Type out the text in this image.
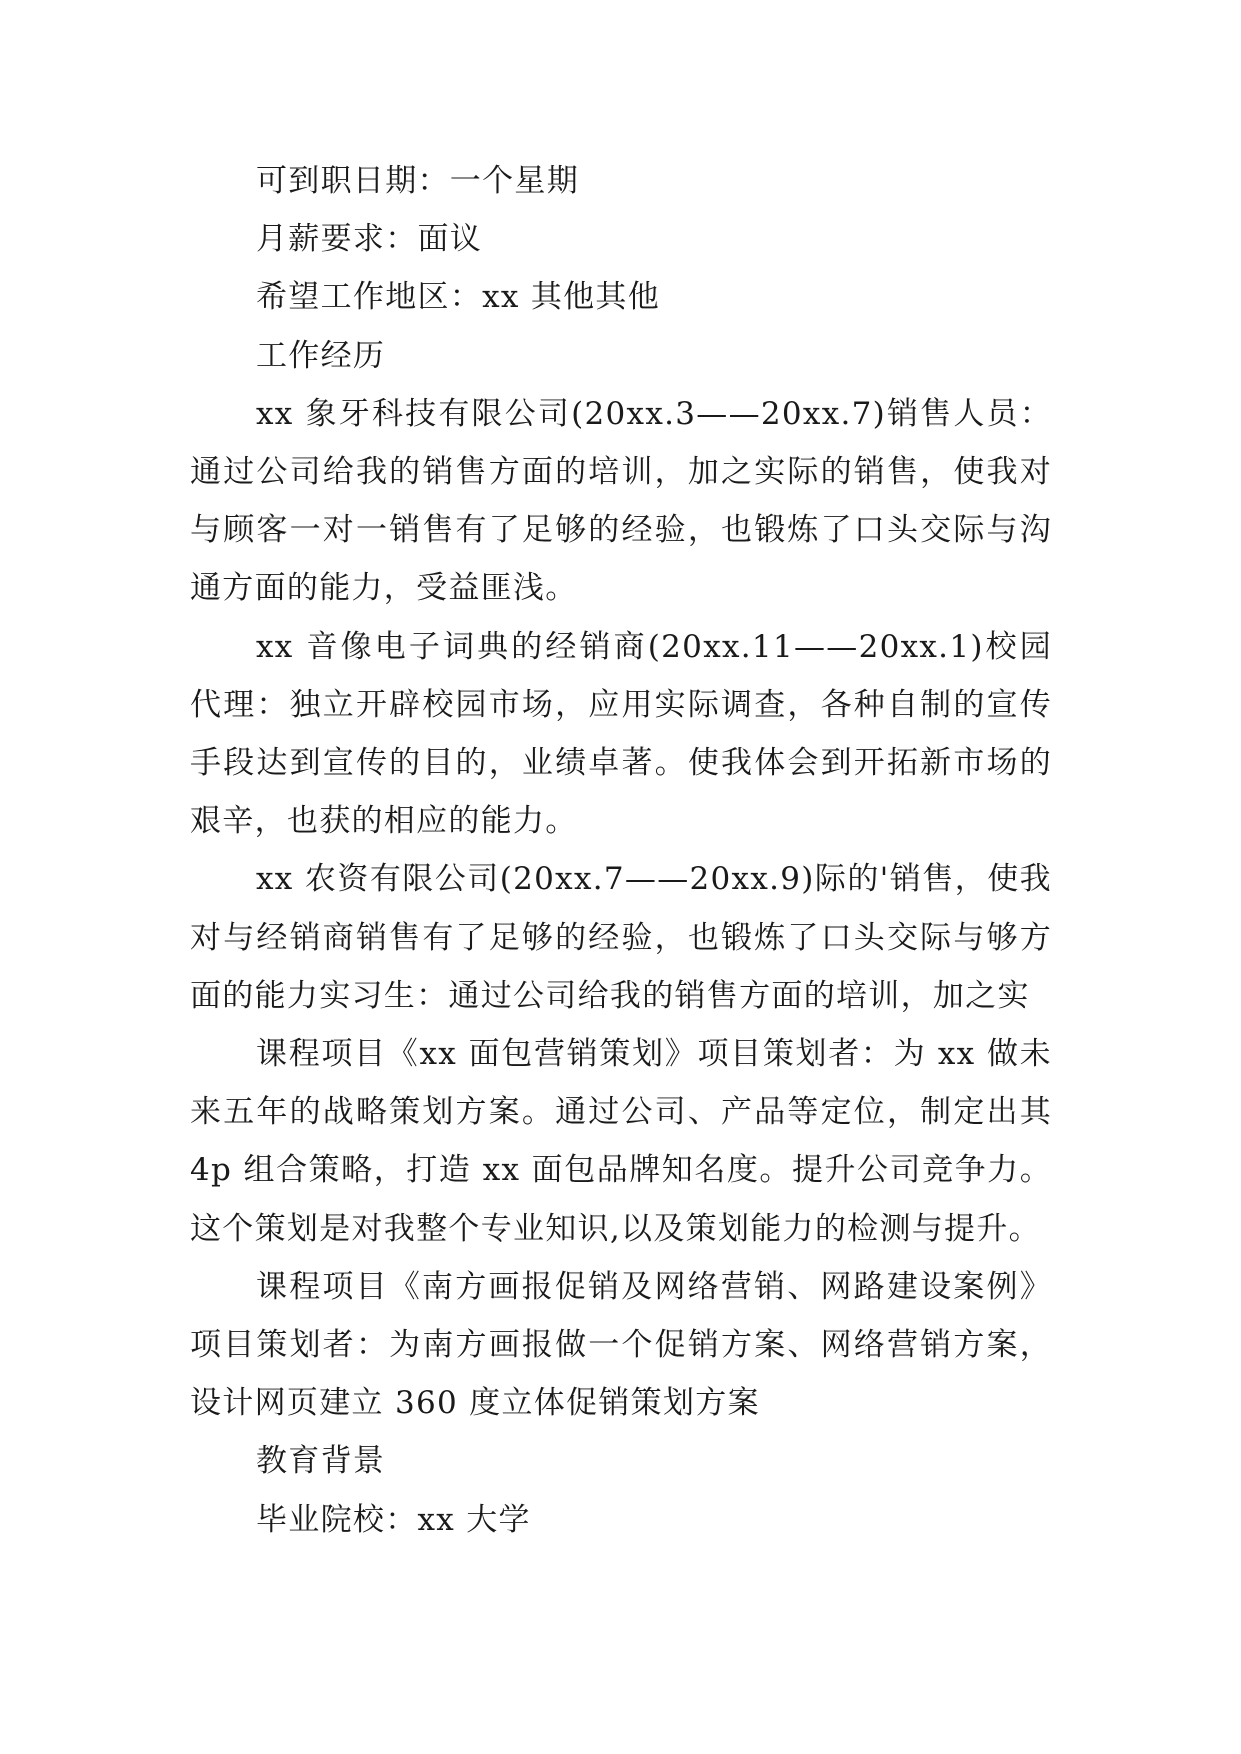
可到职日期：一个星期

月薪要求：面议

希望工作地区：xx 其他其他

工作经历

xx 象牙科技有限公司(20xx.3——20xx.7)销售人员：通过公司给我的销售方面的培训，加之实际的销售，使我对与顾客一对一销售有了足够的经验，也锻炼了口头交际与沟通方面的能力，受益匪浅。

xx 音像电子词典的经销商(20xx.11——20xx.1)校园代理：独立开辟校园市场，应用实际调查，各种自制的宣传手段达到宣传的目的，业绩卓著。使我体会到开拓新市场的艰辛，也获的相应的能力。

xx 农资有限公司(20xx.7——20xx.9)际的'销售，使我对与经销商销售有了足够的经验，也锻炼了口头交际与够方面的能力实习生：通过公司给我的销售方面的培训，加之实

课程项目《xx 面包营销策划》项目策划者：为 xx 做未来五年的战略策划方案。通过公司、产品等定位，制定出其 4p 组合策略，打造 xx 面包品牌知名度。提升公司竞争力。这个策划是对我整个专业知识,以及策划能力的检测与提升。

课程项目《南方画报促销及网络营销、网路建设案例》项目策划者：为南方画报做一个促销方案、网络营销方案，设计网页建立 360 度立体促销策划方案

教育背景

毕业院校：xx 大学
